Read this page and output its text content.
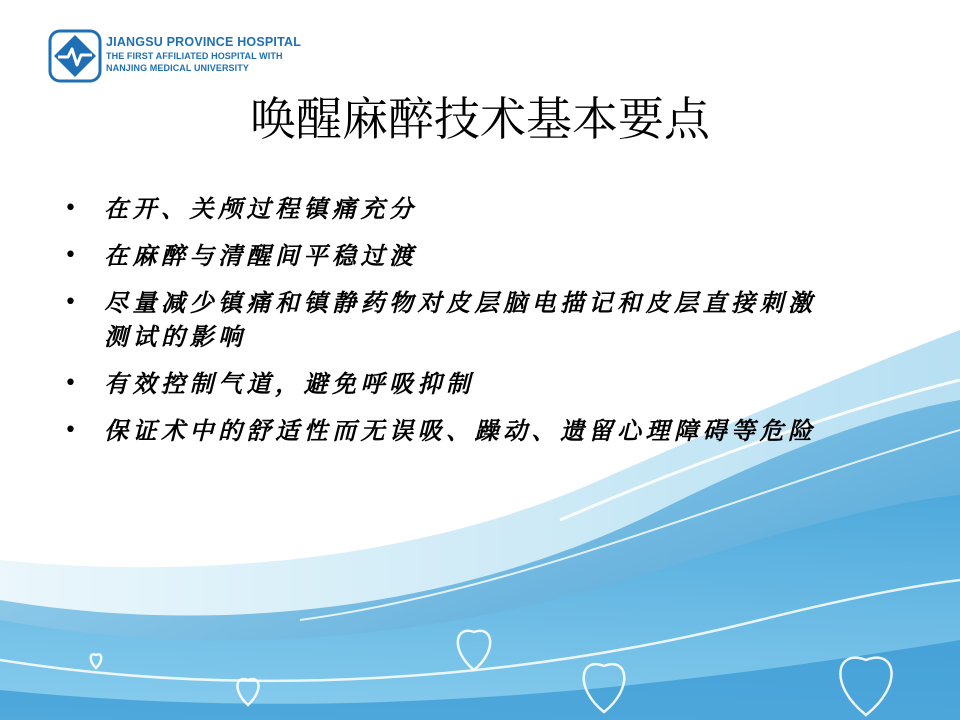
JIANGSU PROVINCE HOSPITAL
THE FIRST AFFILIATED HOSPITAL WITH
NANJING MEDICAL UNIVERSITY
唤醒麻醉技术基本要点
• 在开、关颅过程镇痛充分
• 在麻醉与清醒间平稳过渡
• 尽量减少镇痛和镇静药物对皮层脑电描记和皮层直接刺激测试的影响
• 有效控制气道，避免呼吸抑制
• 保证术中的舒适性而无误吸、躁动、遗留心理障碍等危险
